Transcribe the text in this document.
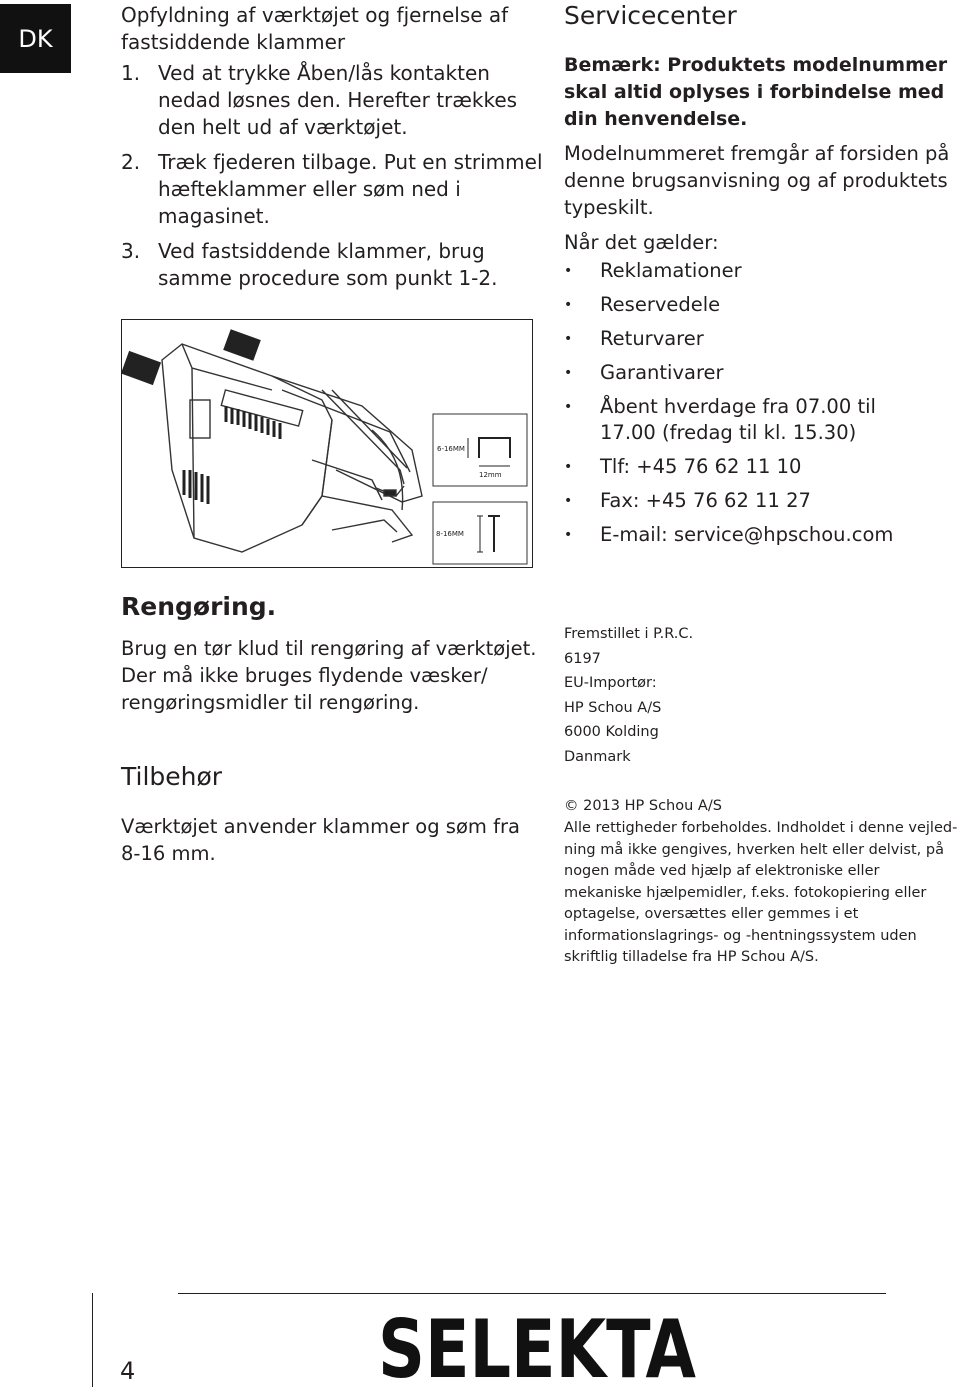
DK
Opfyldning af værktøjet og fjernelse af fastsiddende klammer
1. Ved at trykke Åben/lås kontakten nedad løsnes den. Herefter trækkes den helt ud af værktøjet.
2. Træk fjederen tilbage. Put en strimmel hæfteklammer eller søm ned i magasinet.
3. Ved fastsiddende klammer, brug samme procedure som punkt 1-2.
6-16MM
12mm
8-16MM
Rengøring.
Brug en tør klud til rengøring af værktøjet. Der må ikke bruges flydende væsker/ rengøringsmidler til rengøring.
Tilbehør
Værktøjet anvender klammer og søm fra 8-16 mm.
Servicecenter
Bemærk: Produktets modelnummer skal altid oplyses i forbindelse med din henvendelse.
Modelnummeret fremgår af forsiden på denne brugsanvisning og af produktets typeskilt.
Når det gælder:
• Reklamationer
• Reservedele
• Returvarer
• Garantivarer
• Åbent hverdage fra 07.00 til 17.00 (fredag til kl. 15.30)
• Tlf: +45 76 62 11 10
• Fax: +45 76 62 11 27
• E-mail: service@hpschou.com
Fremstillet i P.R.C.
6197
EU-Importør:
HP Schou A/S
6000 Kolding
Danmark
© 2013 HP Schou A/S
Alle rettigheder forbeholdes. Indholdet i denne vejled-ning må ikke gengives, hverken helt eller delvist, på nogen måde ved hjælp af elektroniske eller mekaniske hjælpemidler, f.eks. fotokopiering eller optagelse, oversættes eller gemmes i et informationslagrings- og -hentningssystem uden skriftlig tilladelse fra HP Schou A/S.
4	SELEKTA
